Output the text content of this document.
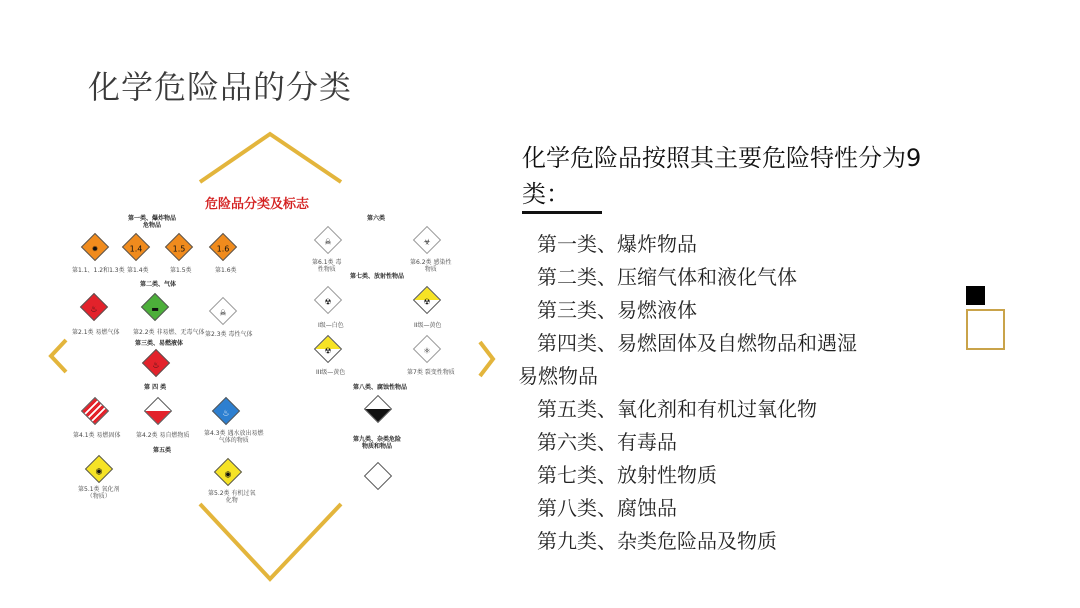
化学危险品的分类
危险品分类及标志
第一类、爆炸物品
危物品
✹	1.4	1.5	1.6
第1.1、1.2和1.3类 第1.4类	第1.5类	第1.6类
第二类、气体
♨	▬	☠
第2.1类 易燃气体 第2.2类 非易燃、无毒气体 第2.3类 毒性气体
第三类、易燃液体
♨
第 四 类
♨
第4.1类 易燃固体	第4.2类 易自燃物质 第4.3类 遇水放出易燃
气体的物质
第五类
◉	◉
第5.1类 氧化剂
（物质）	第5.2类 有机过氧
化物
第六类
☠	☣
第6.1类 毒
性物质
第6.2类 感染性
物质
第七类、放射性物品
☢	☢
I级—白色	II级—黄色
☢	⚛
III级—黄色	第7类 裂变性物质
第八类、腐蚀性物品
第九类、杂类危险
物质和物品
化学危险品按照其主要危险特性分为9类：
第一类、爆炸物品
第二类、压缩气体和液化气体
第三类、易燃液体
第四类、易燃固体及自燃物品和遇湿
易燃物品
第五类、氧化剂和有机过氧化物
第六类、有毒品
第七类、放射性物质
第八类、腐蚀品
第九类、杂类危险品及物质
